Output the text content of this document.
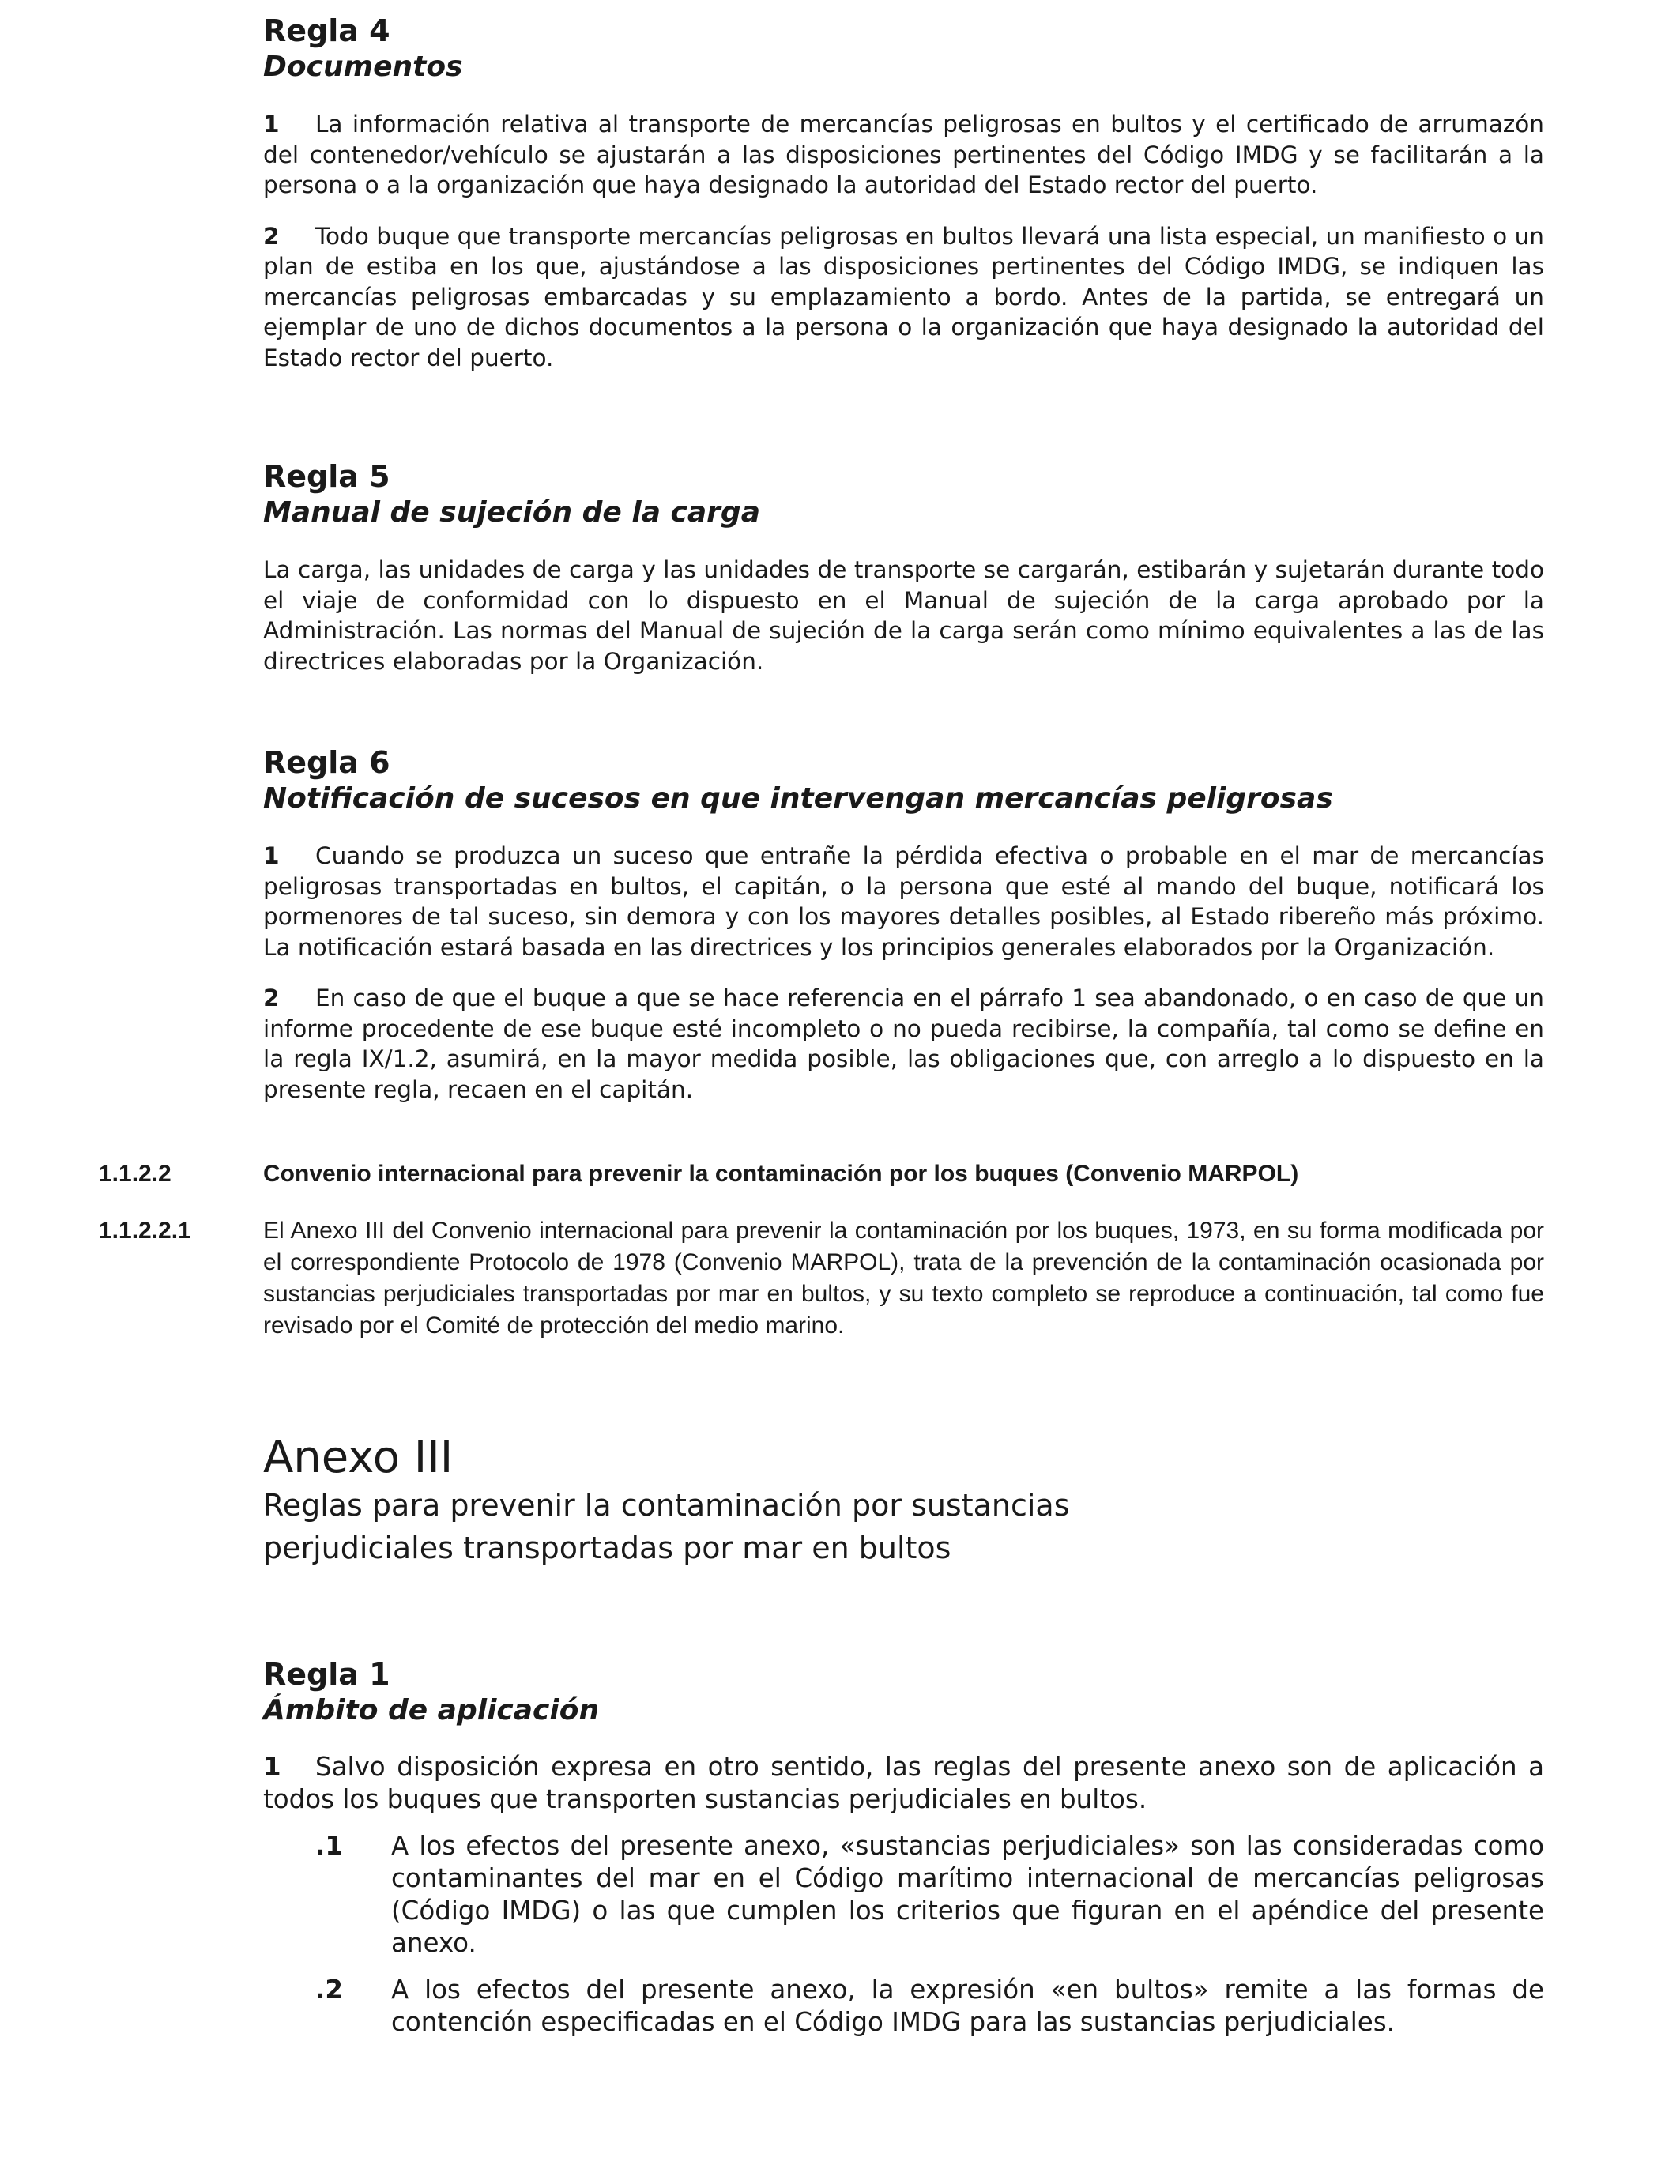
Regla 4
Documentos

1 La información relativa al transporte de mercancías peligrosas en bultos y el certificado de arrumazón del contenedor/vehículo se ajustarán a las disposiciones pertinentes del Código IMDG y se facilitarán a la persona o a la organización que haya designado la autoridad del Estado rector del puerto.

2 Todo buque que transporte mercancías peligrosas en bultos llevará una lista especial, un manifiesto o un plan de estiba en los que, ajustándose a las disposiciones pertinentes del Código IMDG, se indiquen las mercancías peligrosas embarcadas y su emplazamiento a bordo. Antes de la partida, se entregará un ejemplar de uno de dichos documentos a la persona o la organización que haya designado la autoridad del Estado rector del puerto.

Regla 5
Manual de sujeción de la carga

La carga, las unidades de carga y las unidades de transporte se cargarán, estibarán y sujetarán durante todo el viaje de conformidad con lo dispuesto en el Manual de sujeción de la carga aprobado por la Administración. Las normas del Manual de sujeción de la carga serán como mínimo equivalentes a las de las directrices elaboradas por la Organización.

Regla 6
Notificación de sucesos en que intervengan mercancías peligrosas

1 Cuando se produzca un suceso que entrañe la pérdida efectiva o probable en el mar de mercancías peligrosas transportadas en bultos, el capitán, o la persona que esté al mando del buque, notificará los pormenores de tal suceso, sin demora y con los mayores detalles posibles, al Estado ribereño más próximo. La notificación estará basada en las directrices y los principios generales elaborados por la Organización.

2 En caso de que el buque a que se hace referencia en el párrafo 1 sea abandonado, o en caso de que un informe procedente de ese buque esté incompleto o no pueda recibirse, la compañía, tal como se define en la regla IX/1.2, asumirá, en la mayor medida posible, las obligaciones que, con arreglo a lo dispuesto en la presente regla, recaen en el capitán.

1.1.2.2	Convenio internacional para prevenir la contaminación por los buques (Convenio MARPOL)
1.1.2.2.1	El Anexo III del Convenio internacional para prevenir la contaminación por los buques, 1973, en su forma modificada por el correspondiente Protocolo de 1978 (Convenio MARPOL), trata de la prevención de la contaminación ocasionada por sustancias perjudiciales transportadas por mar en bultos, y su texto completo se reproduce a continuación, tal como fue revisado por el Comité de protección del medio marino.
Anexo III
Reglas para prevenir la contaminación por sustancias
perjudiciales transportadas por mar en bultos
Regla 1
Ámbito de aplicación

1 Salvo disposición expresa en otro sentido, las reglas del presente anexo son de aplicación a todos los buques que transporten sustancias perjudiciales en bultos.

.1 A los efectos del presente anexo, «sustancias perjudiciales» son las consideradas como contaminantes del mar en el Código marítimo internacional de mercancías peligrosas (Código IMDG) o las que cumplen los criterios que figuran en el apéndice del presente anexo.
.2 A los efectos del presente anexo, la expresión «en bultos» remite a las formas de contención especificadas en el Código IMDG para las sustancias perjudiciales.
